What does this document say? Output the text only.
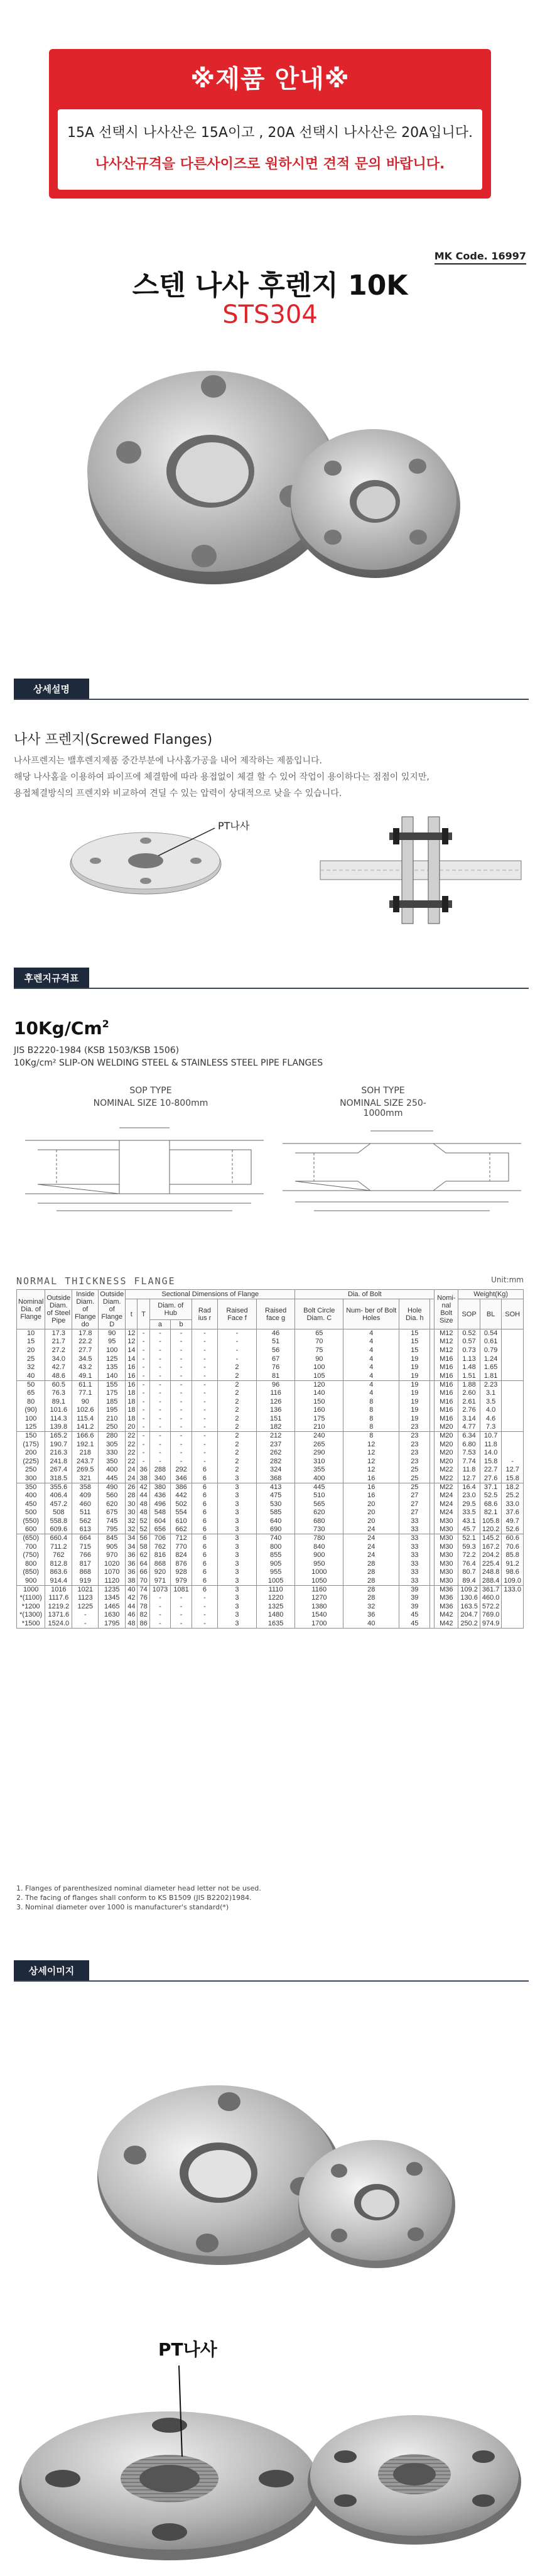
※제품 안내※
15A 선택시 나사산은 15A이고 , 20A 선택시 나사산은 20A입니다.
나사산규격을 다른사이즈로 원하시면 견적 문의 바랍니다.
MK Code. 16997
스텐 나사 후렌지 10K
STS304
상세설명
나사 프렌지(Screwed Flanges)
나사프렌지는 밸후렌지제품 중간부분에 나사홈가공을 내어 제작하는 제품입니다.
해당 나사홈을 이용하여 파이프에 체결함에 따라 용접없이 체결 할 수 있어 작업이 용이하다는 점점이 있지만,
용접체결방식의 프렌지와 비교하여 견딜 수 있는 압력이 상대적으로 낮을 수 있습니다.
PT나사
후렌지규격표
10Kg/Cm$^2$
JIS B2220-1984 (KSB 1503/KSB 1506)
10Kg/cm² SLIP-ON WELDING STEEL & STAINLESS STEEL PIPE FLANGES
SOP TYPE
NOMINAL SIZE 10-800mm
SOH TYPE
NOMINAL SIZE 250-1000mm
NORMAL THICKNESS FLANGE	Unit:mm
Nominal Dia. of Flange	Outside Diam. of Steel Pipe	Inside Diam. of Flange do	Outside Diam. of Flange D	Sectional Dimensions of Flange							Dia. of Bolt				Nomi- nal Bolt Size	Weight(Kg)		
				t	T	Diam. of Hub		Rad ius r	Raised Face f	Raised face g	Bolt Circle Diam. C	Num- ber of Bolt Holes	Hole Dia. h			SOP	BL	SOH
						a	b											
10	17.3	17.8	90	12	-	-	-	-	-	46	65	4	15		M12	0.52	0.54	
15	21.7	22.2	95	12	-	-	-	-	-	51	70	4	15		M12	0.57	0.61	
20	27.2	27.7	100	14	-	-	-	-	-	56	75	4	15		M12	0.73	0.79	
25	34.0	34.5	125	14	-	-	-	-	-	67	90	4	19		M16	1.13	1.24	
32	42.7	43.2	135	16	-	-	-	-	2	76	100	4	19		M16	1.48	1.65	
40	48.6	49.1	140	16	-	-	-	-	2	81	105	4	19		M16	1.51	1.81	
50	60.5	61.1	155	16	-	-	-	-	2	96	120	4	19		M16	1.88	2.23	
65	76.3	77.1	175	18	-	-	-	-	2	116	140	4	19		M16	2.60	3.1	
80	89.1	90	185	18	-	-	-	-	2	126	150	8	19		M16	2.61	3.5	
(90)	101.6	102.6	195	18	-	-	-	-	2	136	160	8	19		M16	2.76	4.0	
100	114.3	115.4	210	18	-	-	-	-	2	151	175	8	19		M16	3.14	4.6	
125	139.8	141.2	250	20	-	-	-	-	2	182	210	8	23		M20	4.77	7.3	
150	165.2	166.6	280	22	-	-	-	-	2	212	240	8	23		M20	6.34	10.7	
(175)	190.7	192.1	305	22	-	-	-	-	2	237	265	12	23		M20	6.80	11.8	
200	216.3	218	330	22	-	-	-	-	2	262	290	12	23		M20	7.53	14.0	
(225)	241.8	243.7	350	22	-	-	-	-	2	282	310	12	23		M20	7.74	15.8	-
250	267.4	269.5	400	24	36	288	292	6	2	324	355	12	25		M22	11.8	22.7	12.7
300	318.5	321	445	24	38	340	346	6	3	368	400	16	25		M22	12.7	27.6	15.8
350	355.6	358	490	26	42	380	386	6	3	413	445	16	25		M22	16.4	37.1	18.2
400	406.4	409	560	28	44	436	442	6	3	475	510	16	27		M24	23.0	52.5	25.2
450	457.2	460	620	30	48	496	502	6	3	530	565	20	27		M24	29.5	68.6	33.0
500	508	511	675	30	48	548	554	6	3	585	620	20	27		M24	33.5	82.1	37.6
(550)	558.8	562	745	32	52	604	610	6	3	640	680	20	33		M30	43.1	105.8	49.7
600	609.6	613	795	32	52	656	662	6	3	690	730	24	33		M30	45.7	120.2	52.6
(650)	660.4	664	845	34	56	706	712	6	3	740	780	24	33		M30	52.1	145.2	60.6
700	711.2	715	905	34	58	762	770	6	3	800	840	24	33		M30	59.3	167.2	70.6
(750)	762	766	970	36	62	816	824	6	3	855	900	24	33		M30	72.2	204.2	85.8
800	812.8	817	1020	36	64	868	876	6	3	905	950	28	33		M30	76.4	225.4	91.2
(850)	863.6	868	1070	36	66	920	928	6	3	955	1000	28	33		M30	80.7	248.8	98.6
900	914.4	919	1120	38	70	971	979	6	3	1005	1050	28	33		M30	89.4	288.4	109.0
1000	1016	1021	1235	40	74	1073	1081	6	3	1110	1160	28	39		M36	109.2	361.7	133.0
*(1100)	1117.6	1123	1345	42	76	-	-	-	3	1220	1270	28	39		M36	130.6	460.0	
*1200	1219.2	1225	1465	44	78	-	-	-	3	1325	1380	32	39		M36	163.5	572.2	
*(1300)	1371.6	-	1630	46	82	-	-	-	3	1480	1540	36	45		M42	204.7	769.0	
*1500	1524.0	-	1795	48	86	-	-	-	3	1635	1700	40	45		M42	250.2	974.9	
1. Flanges of parenthesized nominal diameter head letter not be used.
2. The facing of flanges shall conform to KS B1509 (JIS B2202)1984.
3. Nominal diameter over 1000 is manufacturer's standard(*)
상세이미지
PT나사
